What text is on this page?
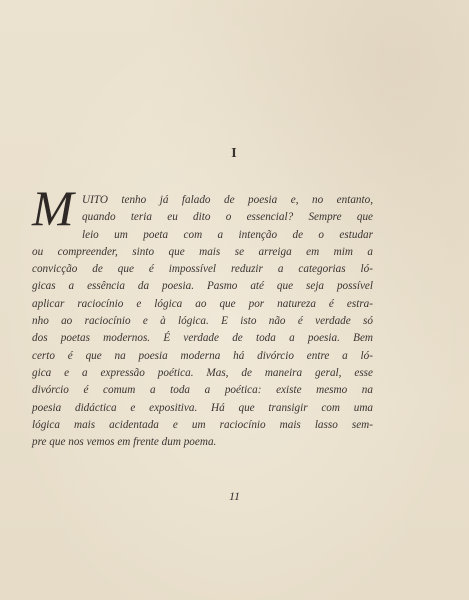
I
M UITO tenho já falado de poesia e, no entanto,
quando teria eu dito o essencial? Sempre que
leio um poeta com a intenção de o estudar
ou compreender, sinto que mais se arreiga em mim a
convicção de que é impossível reduzir a categorias ló-
gicas a essência da poesia. Pasmo até que seja possível
aplicar raciocínio e lógica ao que por natureza é estra-
nho ao raciocínio e à lógica. E isto não é verdade só
dos poetas modernos. É verdade de toda a poesia. Bem
certo é que na poesia moderna há divórcio entre a ló-
gica e a expressão poética. Mas, de maneira geral, esse
divórcio é comum a toda a poética: existe mesmo na
poesia didáctica e expositiva. Há que transigir com uma
lógica mais acidentada e um raciocínio mais lasso sem-
pre que nos vemos em frente dum poema.
11
